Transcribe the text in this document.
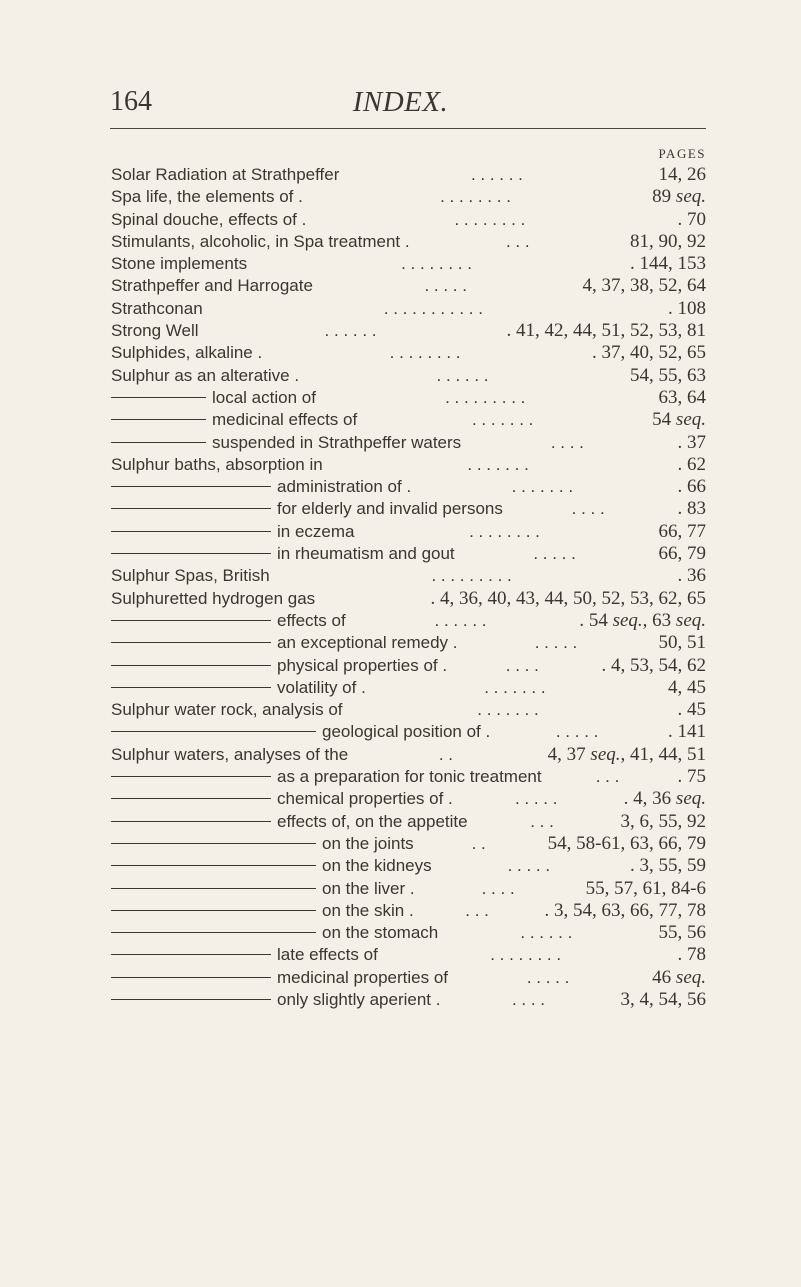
164	INDEX.
PAGES
Solar Radiation at Strathpeffer	. . . . . .	14, 26
Spa life, the elements of .	. . . . . . . .	89 seq.
Spinal douche, effects of .	. . . . . . . .	. 70
Stimulants, alcoholic, in Spa treatment .	. . .	81, 90, 92
Stone implements	. . . . . . . .	. 144, 153
Strathpeffer and Harrogate	. . . . .	4, 37, 38, 52, 64
Strathconan	. . . . . . . . . . .	. 108
Strong Well	. . . . . .	. 41, 42, 44, 51, 52, 53, 81
Sulphides, alkaline .	. . . . . . . .	. 37, 40, 52, 65
Sulphur as an alterative .	. . . . . .	54, 55, 63
local action of	. . . . . . . . .	63, 64
medicinal effects of	. . . . . . .	54 seq.
suspended in Strathpeffer waters	. . . .	. 37
Sulphur baths, absorption in	. . . . . . .	. 62
administration of .	. . . . . . .	. 66
for elderly and invalid persons	. . . .	. 83
in eczema	. . . . . . . .	66, 77
in rheumatism and gout	. . . . .	66, 79
Sulphur Spas, British	. . . . . . . . .	. 36
Sulphuretted hydrogen gas	. 4, 36, 40, 43, 44, 50, 52, 53, 62, 65
effects of	. . . . . .	. 54 seq., 63 seq.
an exceptional remedy .	. . . . .	50, 51
physical properties of .	. . . .	. 4, 53, 54, 62
volatility of .	. . . . . . .	4, 45
Sulphur water rock, analysis of	. . . . . . .	. 45
geological position of .	. . . . .	. 141
Sulphur waters, analyses of the	. .	4, 37 seq., 41, 44, 51
as a preparation for tonic treatment	. . .	. 75
chemical properties of .	. . . . .	. 4, 36 seq.
effects of, on the appetite	. . .	3, 6, 55, 92
on the joints	. .	54, 58-61, 63, 66, 79
on the kidneys	. . . . .	. 3, 55, 59
on the liver .	. . . .	55, 57, 61, 84-6
on the skin .	. . .	. 3, 54, 63, 66, 77, 78
on the stomach	. . . . . .	55, 56
late effects of	. . . . . . . .	. 78
medicinal properties of	. . . . .	46 seq.
only slightly aperient .	. . . .	3, 4, 54, 56
